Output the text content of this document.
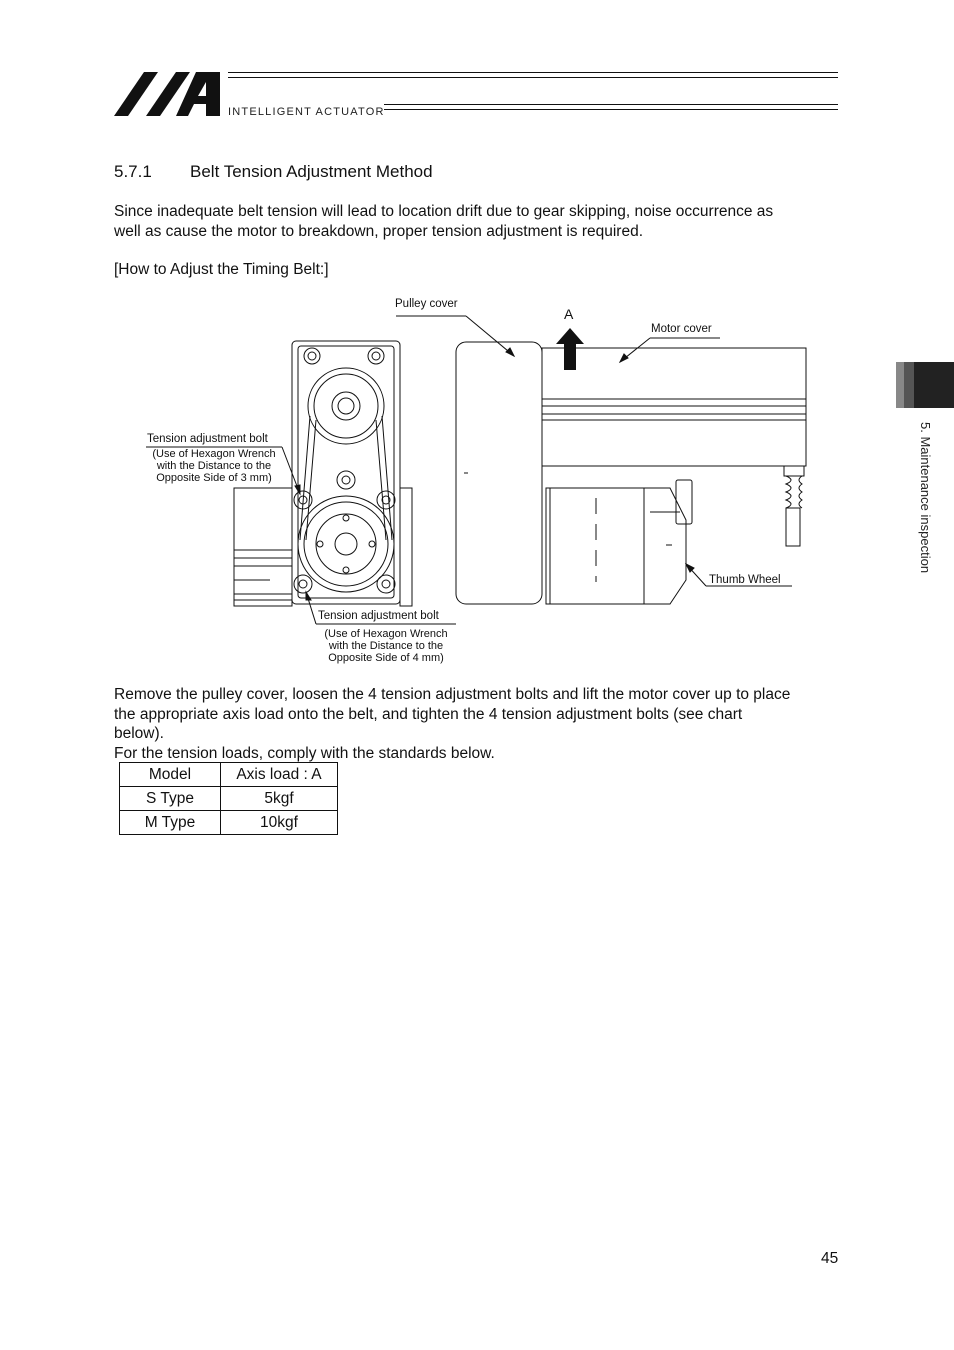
INTELLIGENT ACTUATOR
5.7.1 Belt Tension Adjustment Method
Since inadequate belt tension will lead to location drift due to gear skipping, noise occurrence as
well as cause the motor to breakdown, proper tension adjustment is required.
[How to Adjust the Timing Belt:]
A
Pulley cover
Motor cover
Tension adjustment bolt
(Use of Hexagon Wrench
with the Distance to the
Opposite Side of 3 mm)
Tension adjustment bolt
(Use of Hexagon Wrench
with the Distance to the
Opposite Side of 4 mm)
Thumb Wheel
Remove the pulley cover, loosen the 4 tension adjustment bolts and lift the motor cover up to place
the appropriate axis load onto the belt, and tighten the 4 tension adjustment bolts (see chart
below).
For the tension loads, comply with the standards below.
Model	Axis load : A
S Type	5kgf
M Type	10kgf
5. Maintenance inspection
45
